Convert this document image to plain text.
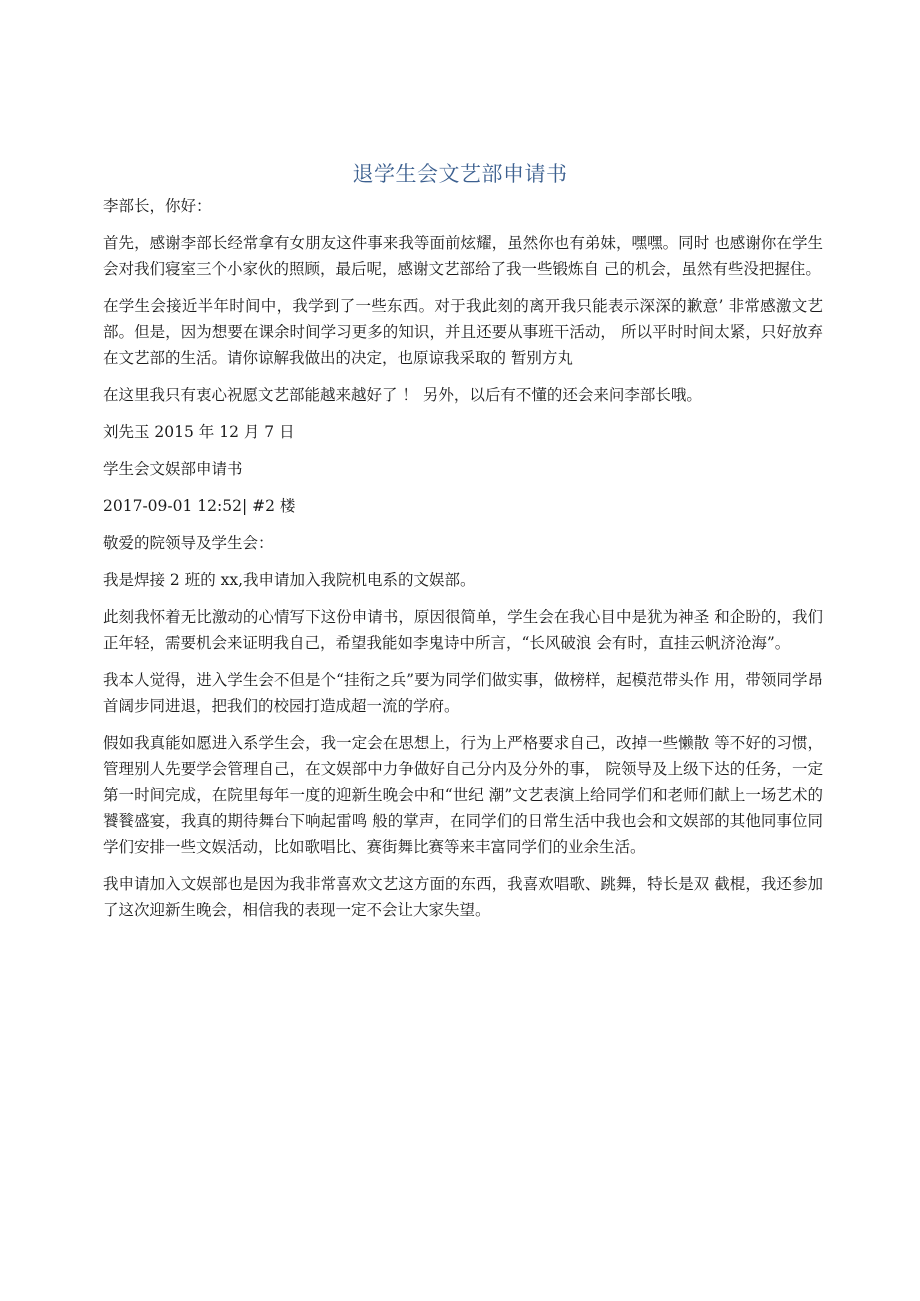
退学生会文艺部申请书

李部长，你好：

首先，感谢李部长经常拿有女朋友这件事来我等面前炫耀，虽然你也有弟妹，嘿嘿。同时 也感谢你在学生会对我们寝室三个小家伙的照顾，最后呢，感谢文艺部给了我一些锻炼自 己的机会，虽然有些没把握住。

在学生会接近半年时间中，我学到了一些东西。对于我此刻的离开我只能表示深深的歉意’ 非常感激文艺部。但是，因为想要在课余时间学习更多的知识，并且还要从事班干活动， 所以平时时间太紧，只好放弃在文艺部的生活。请你谅解我做出的决定，也原谅我采取的 暂别方丸

在这里我只有衷心祝愿文艺部能越来越好了 ！ 另外，以后有不懂的还会来问李部长哦。

刘先玉 2015 年 12 月 7 日

学生会文娱部申请书

2017-09-01 12:52| #2 楼

敬爱的院领导及学生会：

我是焊接 2 班的 xx,我申请加入我院机电系的文娱部。

此刻我怀着无比激动的心情写下这份申请书，原因很简单，学生会在我心目中是犹为神圣 和企盼的，我们正年轻，需要机会来证明我自己，希望我能如李鬼诗中所言，“长风破浪 会有时，直挂云帆济沧海”。

我本人觉得，进入学生会不但是个“挂衔之兵”要为同学们做实事，做榜样，起模范带头作 用，带领同学昂首阔步同进退，把我们的校园打造成超一流的学府。

假如我真能如愿进入系学生会，我一定会在思想上，行为上严格要求自己，改掉一些懒散 等不好的习惯，管理别人先要学会管理自己，在文娱部中力争做好自己分内及分外的事， 院领导及上级下达的任务，一定第一时间完成，在院里每年一度的迎新生晚会中和“世纪 潮”文艺表演上给同学们和老师们献上一场艺术的饕餮盛宴，我真的期待舞台下响起雷鸣 般的掌声，在同学们的日常生活中我也会和文娱部的其他同事位同学们安排一些文娱活动，比如歌唱比、赛街舞比赛等来丰富同学们的业余生活。

我申请加入文娱部也是因为我非常喜欢文艺这方面的东西，我喜欢唱歌、跳舞，特长是双 截棍，我还参加了这次迎新生晚会，相信我的表现一定不会让大家失望。
